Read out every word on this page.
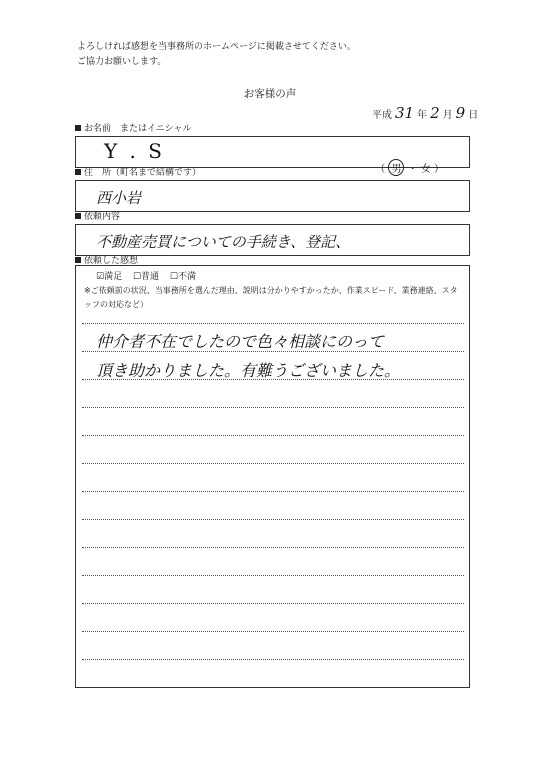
よろしければ感想を当事務所のホームページに掲載させてください。
ご協力お願いします。
お客様の声
平成 31 年 2 月 9 日
お名前　またはイニシャル
Y . S
（ 男 ・ 女 ）
住　所（町名まで結構です）
西小岩
依頼内容
不動産売買についての手続き、登記、
依頼した感想
☑満足 ☐普通 ☐不満
※ご依頼前の状況、当事務所を選んだ理由、説明は分かりやすかったか、作業スピード、業務連絡、スタッフの対応など）
仲介者不在でしたので色々相談にのって
頂き助かりました。有難うございました。
